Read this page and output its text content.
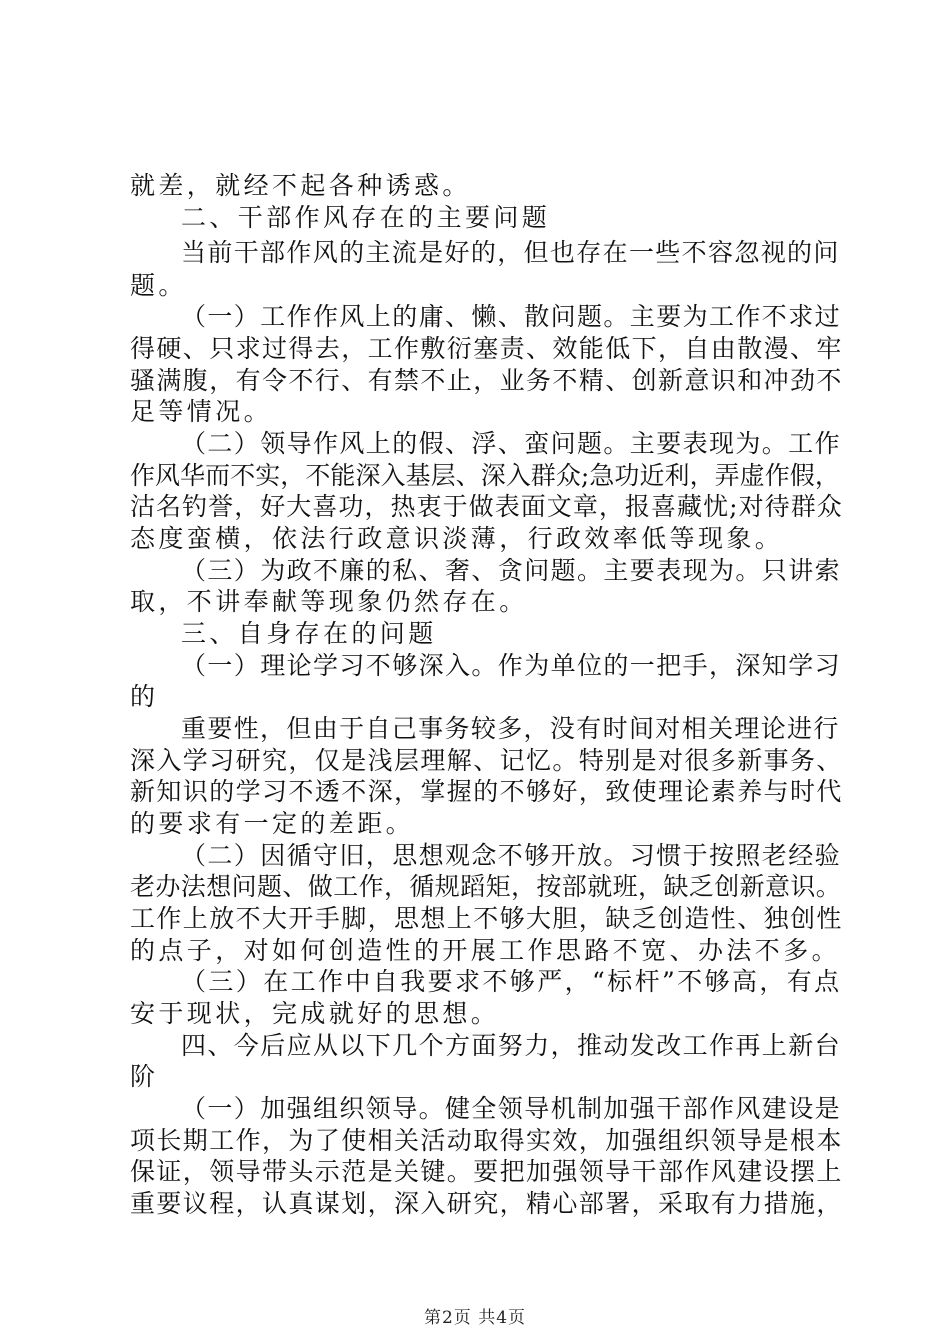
就差，就经不起各种诱惑。
二、干部作风存在的主要问题
当前干部作风的主流是好的，但也存在一些不容忽视的问
题。
（一）工作作风上的庸、懒、散问题。主要为工作不求过
得硬、只求过得去，工作敷衍塞责、效能低下，自由散漫、牢
骚满腹，有令不行、有禁不止，业务不精、创新意识和冲劲不
足等情况。
（二）领导作风上的假、浮、蛮问题。主要表现为。工作
作风华而不实，不能深入基层、深入群众;急功近利，弄虚作假，
沽名钓誉，好大喜功，热衷于做表面文章，报喜藏忧;对待群众
态度蛮横，依法行政意识淡薄，行政效率低等现象。
（三）为政不廉的私、奢、贪问题。主要表现为。只讲索
取，不讲奉献等现象仍然存在。
三、自身存在的问题
（一）理论学习不够深入。作为单位的一把手，深知学习
的
重要性，但由于自己事务较多，没有时间对相关理论进行
深入学习研究，仅是浅层理解、记忆。特别是对很多新事务、
新知识的学习不透不深，掌握的不够好，致使理论素养与时代
的要求有一定的差距。
（二）因循守旧，思想观念不够开放。习惯于按照老经验
老办法想问题、做工作，循规蹈矩，按部就班，缺乏创新意识。
工作上放不大开手脚，思想上不够大胆，缺乏创造性、独创性
的点子，对如何创造性的开展工作思路不宽、办法不多。
（三）在工作中自我要求不够严，“标杆”不够高，有点
安于现状，完成就好的思想。
四、今后应从以下几个方面努力，推动发改工作再上新台
阶
（一）加强组织领导。健全领导机制加强干部作风建设是
项长期工作，为了使相关活动取得实效，加强组织领导是根本
保证，领导带头示范是关键。要把加强领导干部作风建设摆上
重要议程，认真谋划，深入研究，精心部署，采取有力措施，
第2页 共4页
